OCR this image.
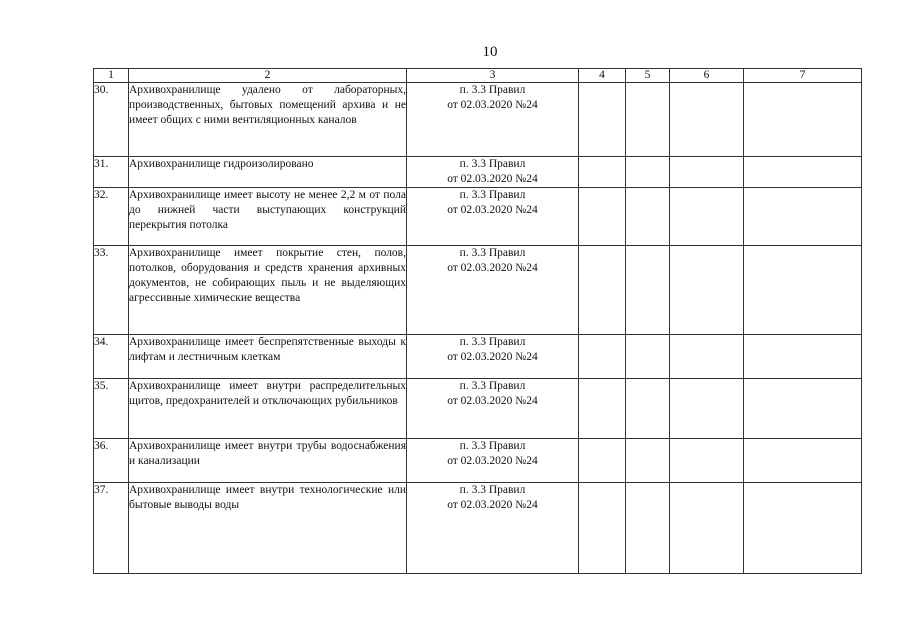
10
1	2	3	4	5	6	7
30.	Архивохранилище удалено от лабораторных, производственных, бытовых помещений архива и не имеет общих с ними вентиляционных каналов	п. 3.3 Правил
от 02.03.2020 №24				

31.	Архивохранилище гидроизолировано	п. 3.3 Правил
от 02.03.2020 №24				

32.	Архивохранилище имеет высоту не менее 2,2 м от пола до нижней части выступающих конструкций перекрытия потолка	п. 3.3 Правил
от 02.03.2020 №24				

33.	Архивохранилище имеет покрытие стен, полов, потолков, оборудования и средств хранения архивных документов, не собирающих пыль и не выделяющих агрессивные химические вещества	п. 3.3 Правил
от 02.03.2020 №24				

34.	Архивохранилище имеет беспрепятственные выходы к лифтам и лестничным клеткам	п. 3.3 Правил
от 02.03.2020 №24				

35.	Архивохранилище имеет внутри распределительных щитов, предохранителей и отключающих рубильников	п. 3.3 Правил
от 02.03.2020 №24				

36.	Архивохранилище имеет внутри трубы водоснабжения и канализации	п. 3.3 Правил
от 02.03.2020 №24				

37.	Архивохранилище имеет внутри технологические или бытовые выводы воды	п. 3.3 Правил
от 02.03.2020 №24				
